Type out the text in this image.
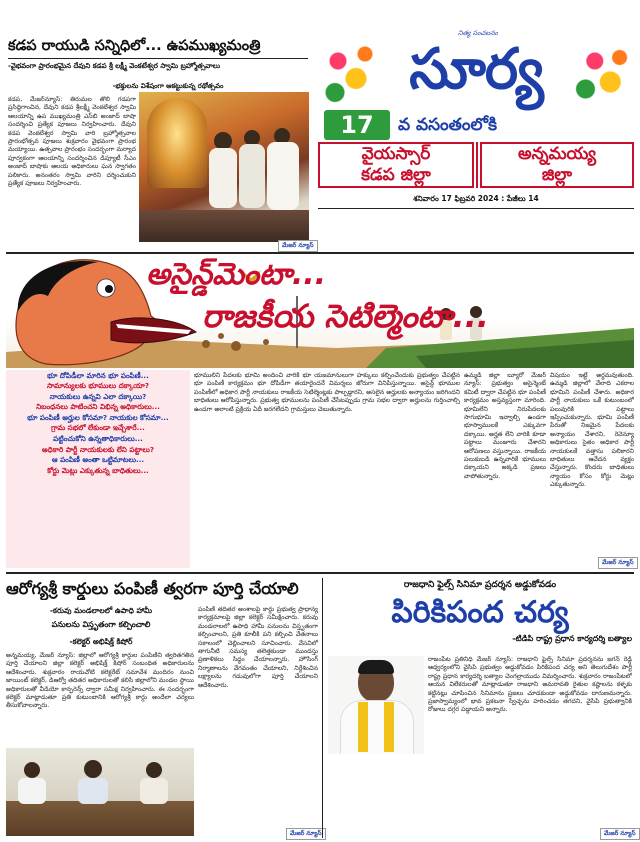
కడప రాయుడి సన్నిధిలో... ఉపముఖ్యమంత్రి
-వైభవంగా ప్రారంభమైన దేవుని కడప శ్రీ లక్ష్మీ వెంకటేశ్వర స్వామి బ్రహ్మోత్సవాలు
-భక్తులను విశేషంగా ఆకట్టుకున్న రథోత్సవం
కడప, మేజర్‌న్యూస్: తిరుమల తొలి గడపగా ప్రసిద్ధిగాంచిన, దేవుని కడప శ్రీలక్ష్మీ వెంకటేశ్వర స్వామి ఆలయాన్ని ఉప ముఖ్యమంత్రి ఎస్‌బి అంజాద్ బాషా సందర్శించి ప్రత్యేక పూజలు నిర్వహించారు. దేవుని కడప వెంకటేశ్వర స్వామి వారి బ్రహ్మోత్సవాల ప్రారంభోత్సవ పూజలు శుక్రవారం వైభవంగా ప్రారంభ మయ్యాయి. ఉత్సవాల ప్రారంభం సందర్భంగా మర్యాద పూర్వకంగా ఆలయాన్ని సందర్శించిన డిప్యూటీ సీఎం అంజాద్ బాషాకు ఆలయ అధికారులు ఘన స్వాగతం పలికారు. అనంతరం స్వామి వారిని దర్శించుకుని ప్రత్యేక పూజలు నిర్వహించారు.
మేజర్ న్యూస్
నిత్య సంచలనం
సూర్య
17	వ వసంతంలోకి
వైయస్సార్
కడప జిల్లా
అన్నమయ్య
జిల్లా
శనివారం 17 ఫిబ్రవరి 2024 : పేజీలు 14
అసైన్డ్‌మెంటా...
రాజకీయ సెటిల్మెంటా...
భూ దోపిడీలా మారిన భూ పంపిణీ...
సామాన్యులకు భూములు దక్కాయా?
నాయకులు ఉన్నవి ఎలా దక్కాయి?
నిబంధనలు పాటించని విభిన్న అధికారులు...
భూ పంపిణీ అర్హుల కోసమా? నాయకుల కోసమా...
గ్రామ సభలో లేకుండా ఇచ్చేశారే...
పట్టించుకోని ఉన్నతాధికారులు...
అధికారి పార్టీ నాయకులకు లేని పట్టాలు?
ఆ పంపిణీ అంతా ఒట్టిమాటలు...
కోర్టు మెట్లు ఎక్కుతున్న బాధితులు...
భూములిని పేదలకు భూమి అందించి వారికి భూ యజమానులుగా హక్కులు కల్పించేందుకు ప్రభుత్వం చేపట్టిన భూ పంపిణీ కార్యక్రమం భూ దోపిడీగా తయారైందనే విమర్శలు జోరుగా వినిపిస్తున్నాయి. అసైన్డ్ భూముల పంపిణీలో అధికార పార్టీ నాయకులు రాజకీయ సెటిల్మెంట్లకు పాల్పడ్డారని, అసలైన అర్హులకు అన్యాయం జరిగిందని బాధితులు ఆరోపిస్తున్నారు. ప్రభుత్వ భూములను పంపిణీ చేసేటప్పుడు గ్రామ సభల ద్వారా అర్హులను గుర్తించాల్సి ఉండగా అలాంటి ప్రక్రియ ఏదీ జరగలేదని గ్రామస్తులు చెబుతున్నారు.
ఉమ్మడి జిల్లా బ్యూరో మేజర్ న్యూస్: ప్రభుత్వం అసైన్మెంట్ కమిటీ ద్వారా చేపట్టిన భూ పంపిణీ కార్యక్రమం అస్తవ్యస్తంగా మారింది. భూమిలేని నిరుపేదలకు సాగుభూమి ఇవ్వాల్సి ఉండగా భూస్వాములకే ఎక్కువగా దక్కాయి. అర్హత లేని వారికి కూడా పట్టాలు మంజూరు చేశారని ఆరోపణలు వస్తున్నాయి. రాజకీయ పలుకుబడి ఉన్నవారికే భూములు దక్కాయని అక్కడి ప్రజలు వాపోతున్నారు.
విషయం ఇట్టే అర్థమవుతుంది. ఉమ్మడి జిల్లాలో వేలాది ఎకరాల భూమిని పంపిణీ చేశారు. అధికార పార్టీ నాయకులు ఒకే కుటుంబంలో పలువురికి పట్టాలు ఇప్పించుకున్నారు. భూమి పంపిణీ పేరుతో నిజమైన పేదలకు అన్యాయం చేశారని, రెవెన్యూ అధికారులు సైతం అధికార పార్టీ నాయకులకే వత్తాసు పలికారని బాధితులు ఆవేదన వ్యక్తం చేస్తున్నారు. కొందరు బాధితులు న్యాయం కోసం కోర్టు మెట్లు ఎక్కుతున్నారు.
మేజర్ న్యూస్
ఆరోగ్యశ్రీ కార్డులు పంపిణీ త్వరగా పూర్తి చేయాలి
-కరువు మండలాలలో ఉపాధి హామీ
పనులను విస్తృతంగా కల్పించాలి
-కలెక్టర్ అభిషిక్త్ కిషోర్
అన్నమయ్య, మేజర్ న్యూస్: జిల్లాలో ఆరోగ్యశ్రీ కార్డుల పంపిణీని త్వరితగతిన పూర్తి చేయాలని జిల్లా కలెక్టర్ అభిషిక్త్ కిషోర్ సంబంధిత అధికారులను ఆదేశించారు. శుక్రవారం రాయచోటి కలెక్టరేట్ సమావేశ మందిరం నుంచి జాయింట్ కలెక్టర్, డిఆర్వో తదితర అధికారులతో కలిసి జిల్లాలోని మండల స్థాయి అధికారులతో వీడియో కాన్ఫరెన్స్ ద్వారా సమీక్ష నిర్వహించారు. ఈ సందర్భంగా కలెక్టర్ మాట్లాడుతూ ప్రతి కుటుంబానికి ఆరోగ్యశ్రీ కార్డు అందేలా చర్యలు తీసుకోవాలన్నారు.
పంపిణీ తదితర అంశాలపై కార్డు ప్రభుత్వ ప్రాధాన్య కార్యక్రమాలపై జిల్లా కలెక్టర్ సమీక్షించారు. కరువు మండలాలలో ఉపాధి హామీ పనులను విస్తృతంగా కల్పించాలని, ప్రతి కూలీకి పని కల్పించి వేతనాలు సకాలంలో చెల్లించాలని సూచించారు. వేసవిలో తాగునీటి సమస్య తలెత్తకుండా ముందస్తు ప్రణాళికలు సిద్ధం చేయాలన్నారు. హౌసింగ్ నిర్మాణాలను వేగవంతం చేయాలని, నిర్దేశించిన లక్ష్యాలను గడువులోగా పూర్తి చేయాలని ఆదేశించారు.
మేజర్ న్యూస్
రాజధాని ఫైల్స్ సినిమా ప్రదర్శన అడ్డుకోవడం
పిరికిపంద చర్య
-టిడిపి రాష్ట్ర ప్రధాన కార్యదర్శి బత్యాల
రాజంపేట ప్రతినిధి మేజర్ న్యూస్: రాజధాని ఫైల్స్ సినిమా ప్రదర్శనను జగన్ రెడ్డి ఆధ్వర్యంలోని వైసిపి ప్రభుత్వం అడ్డుకోవడం పిరికిపంద చర్య అని తెలుగుదేశం పార్టీ రాష్ట్ర ప్రధాన కార్యదర్శి బత్యాల చెంగల్రాయుడు విమర్శించారు. శుక్రవారం రాజంపేటలో ఆయన విలేకరులతో మాట్లాడుతూ రాజధాని అమరావతి రైతుల కష్టాలను కళ్ళకు కట్టినట్లు చూపించిన సినిమాను ప్రజలు చూడకుండా అడ్డుకోవడం దారుణమన్నారు. ప్రజాస్వామ్యంలో భావ ప్రకటనా స్వేచ్ఛను హరించడం తగదని, వైసిపి ప్రభుత్వానికి రోజులు దగ్గర పడ్డాయని అన్నారు.
మేజర్ న్యూస్
